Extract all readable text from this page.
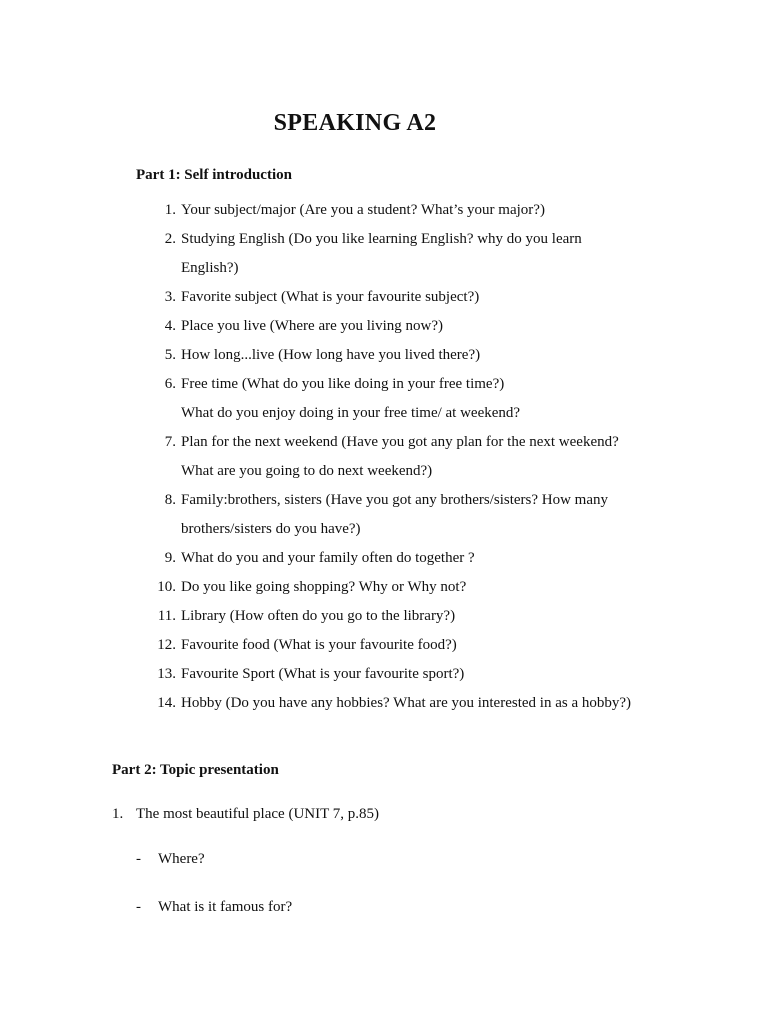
SPEAKING A2
Part 1: Self introduction
1. Your subject/major (Are you a student? What’s your major?)
2. Studying English (Do you like learning English? why do you learn
English?)
3. Favorite subject (What is your favourite subject?)
4. Place you live (Where are you living now?)
5. How long...live (How long have you lived there?)
6. Free time (What do you like doing in your free time?)
What do you enjoy doing in your free time/ at weekend?
7. Plan for the next weekend (Have you got any plan for the next weekend?
What are you going to do next weekend?)
8. Family:brothers, sisters (Have you got any brothers/sisters? How many
brothers/sisters do you have?)
9. What do you and your family often do together ?
10. Do you like going shopping? Why or Why not?
11. Library (How often do you go to the library?)
12. Favourite food (What is your favourite food?)
13. Favourite Sport (What is your favourite sport?)
14. Hobby (Do you have any hobbies? What are you interested in as a hobby?)
Part 2: Topic presentation
1. The most beautiful place (UNIT 7, p.85)
- Where?
- What is it famous for?
